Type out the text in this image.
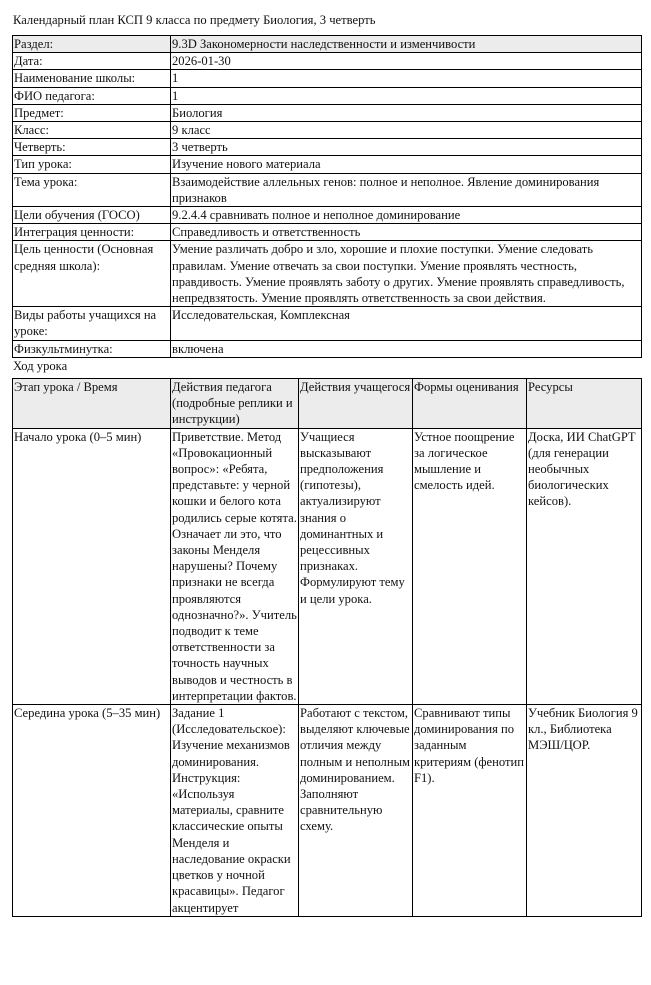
Календарный план КСП 9 класса по предмету Биология, 3 четверть
Раздел:	9.3D Закономерности наследственности и изменчивости
Дата:	2026-01-30
Наименование школы:	1
ФИО педагога:	1
Предмет:	Биология
Класс:	9 класс
Четверть:	3 четверть
Тип урока:	Изучение нового материала
Тема урока:	Взаимодействие аллельных генов: полное и неполное. Явление доминирования признаков
Цели обучения (ГОСО)	9.2.4.4 сравнивать полное и неполное доминирование
Интеграция ценности:	Справедливость и ответственность
Цель ценности (Основная средняя школа):	Умение различать добро и зло, хорошие и плохие поступки. Умение следовать правилам. Умение отвечать за свои поступки. Умение проявлять честность, правдивость. Умение проявлять заботу о других. Умение проявлять справедливость, непредвзятость. Умение проявлять ответственность за свои действия.
Виды работы учащихся на уроке:	Исследовательская, Комплексная
Физкультминутка:	включена
Ход урока
Этап урока / Время	Действия педагога (подробные реплики и инструкции)	Действия учащегося	Формы оценивания	Ресурсы
Начало урока (0–5 мин)	Приветствие. Метод «Провокационный вопрос»: «Ребята, представьте: у черной кошки и белого кота родились серые котята. Означает ли это, что законы Менделя нарушены? Почему признаки не всегда проявляются однозначно?». Учитель подводит к теме ответственности за точность научных выводов и честность в интерпретации фактов.	Учащиеся высказывают предположения (гипотезы), актуализируют знания о доминантных и рецессивных признаках. Формулируют тему и цели урока.	Устное поощрение за логическое мышление и смелость идей.	Доска, ИИ ChatGPT (для генерации необычных биологических кейсов).
Середина урока (5–35 мин)	Задание 1 (Исследовательское): Изучение механизмов доминирования. Инструкция: «Используя материалы, сравните классические опыты Менделя и наследование окраски цветков у ночной красавицы». Педагог акцентирует	Работают с текстом, выделяют ключевые отличия между полным и неполным доминированием. Заполняют сравнительную схему.	Сравнивают типы доминирования по заданным критериям (фенотип F1).	Учебник Биология 9 кл., Библиотека МЭШ/ЦОР.
